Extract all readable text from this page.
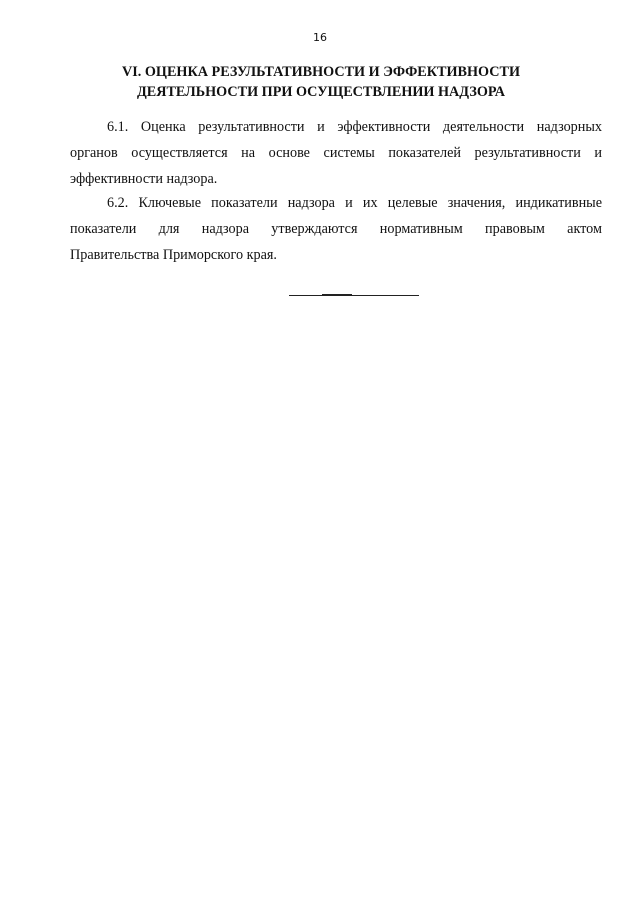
16
VI. ОЦЕНКА РЕЗУЛЬТАТИВНОСТИ И ЭФФЕКТИВНОСТИ
ДЕЯТЕЛЬНОСТИ ПРИ ОСУЩЕСТВЛЕНИИ НАДЗОРА
6.1. Оценка результативности и эффективности деятельности надзорных
органов осуществляется на основе системы показателей результативности и
эффективности надзора.
6.2. Ключевые показатели надзора и их целевые значения, индикативные
показатели для надзора утверждаются нормативным правовым актом
Правительства Приморского края.
